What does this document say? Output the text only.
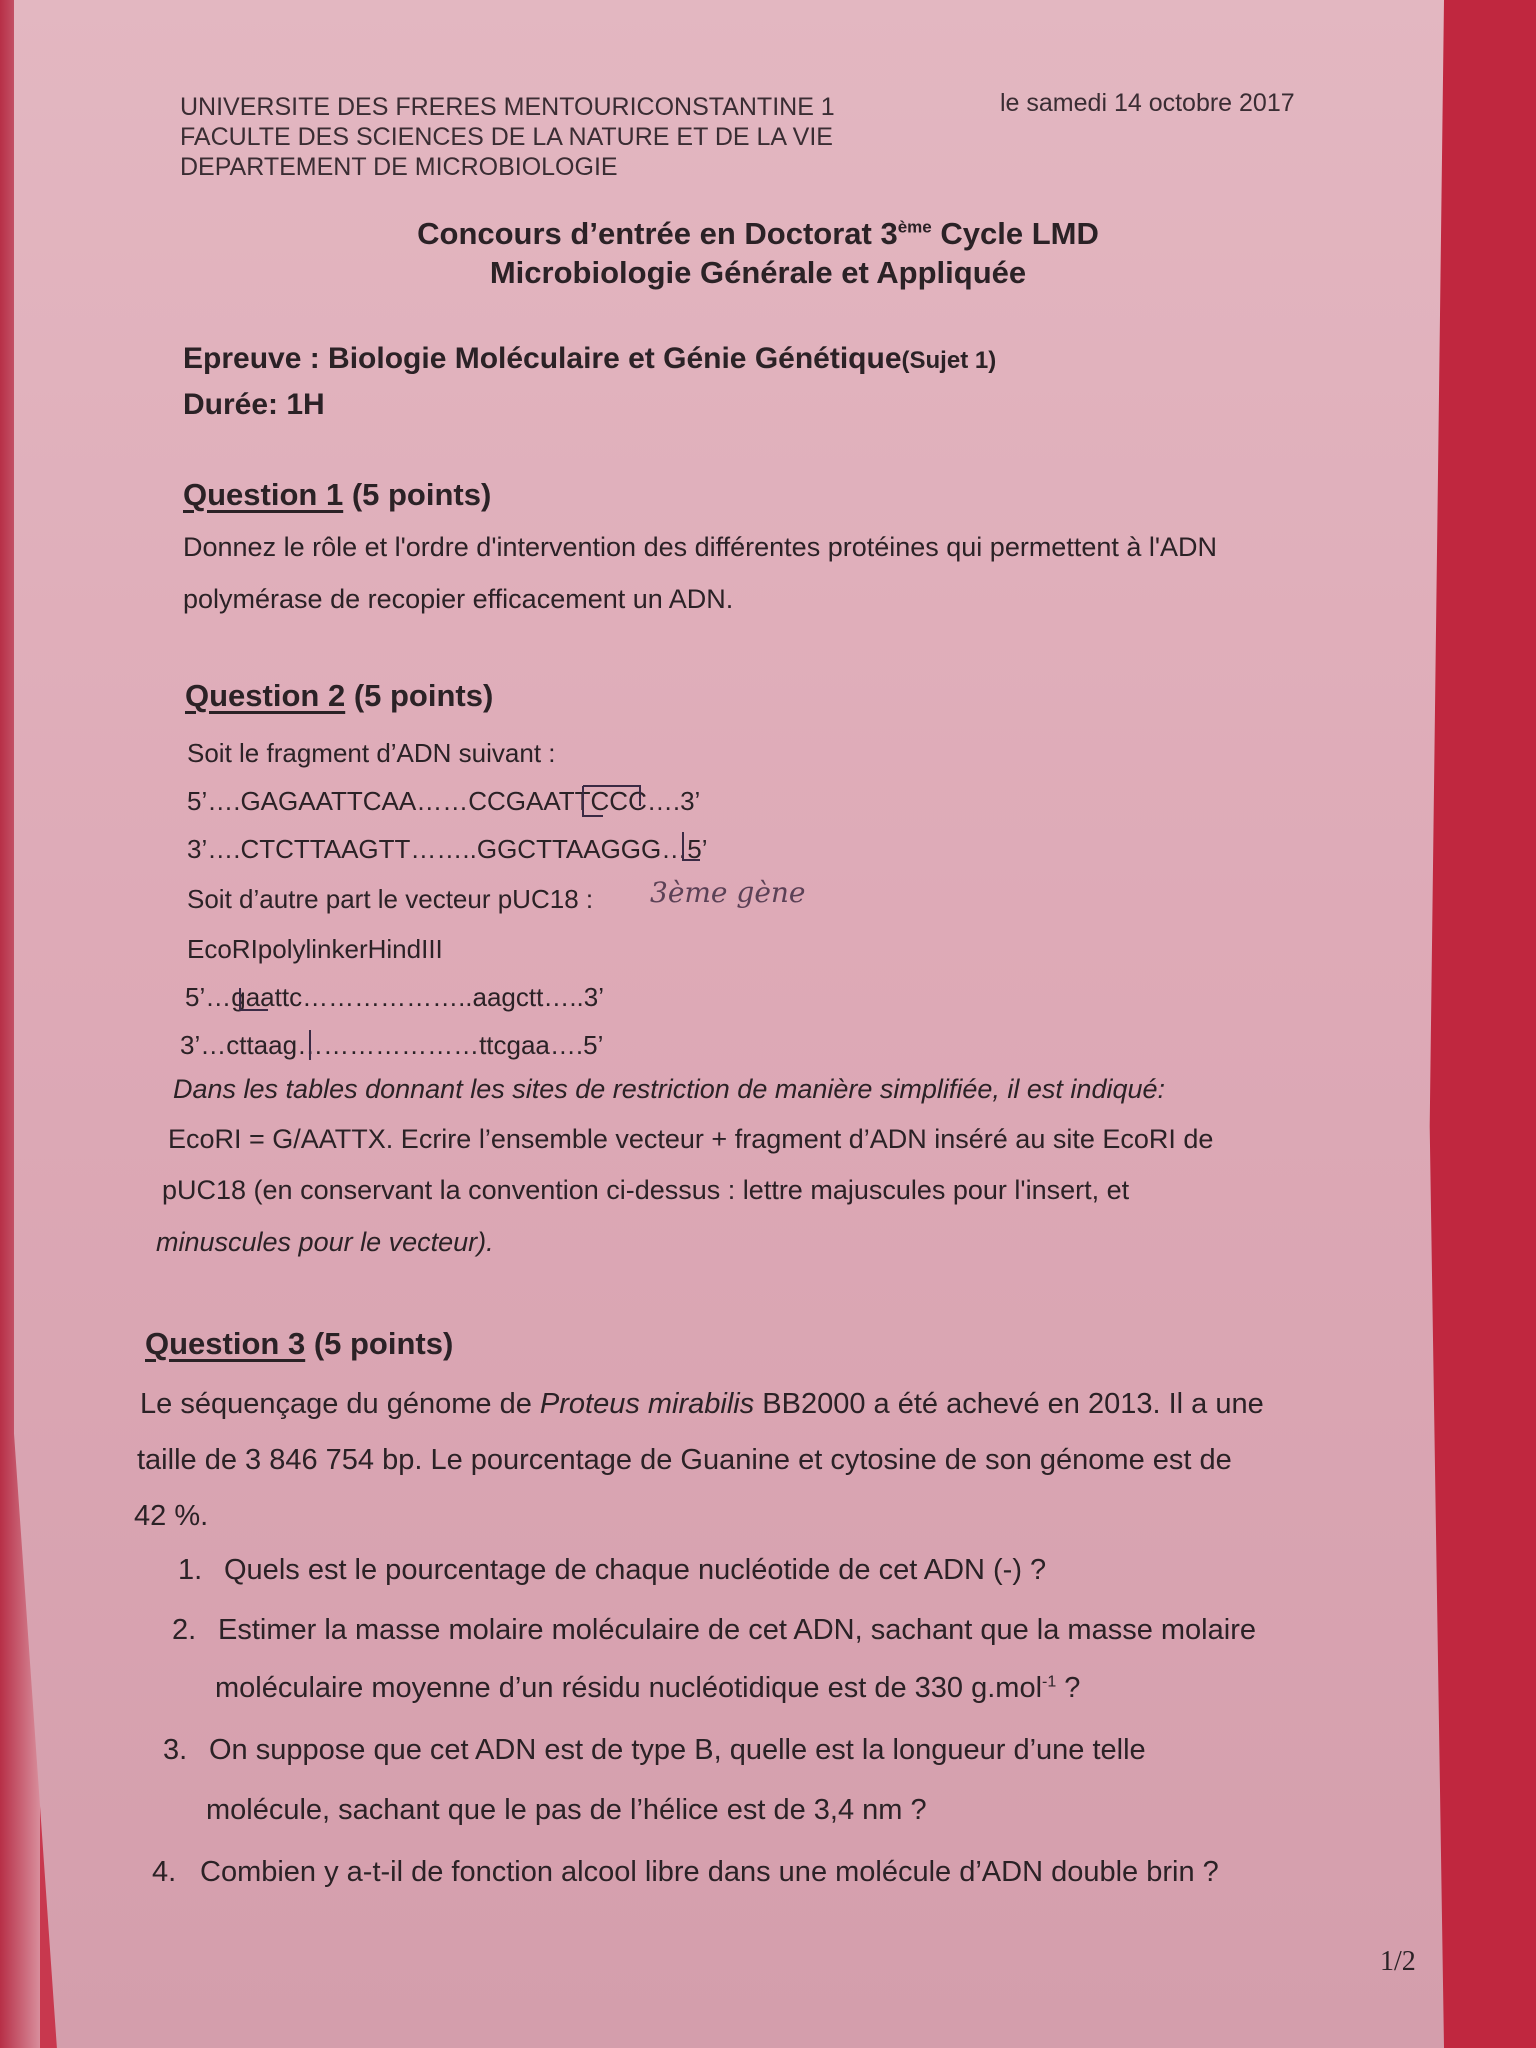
UNIVERSITE DES FRERES MENTOURICONSTANTINE 1
FACULTE DES SCIENCES DE LA NATURE ET DE LA VIE
DEPARTEMENT DE MICROBIOLOGIE
le samedi 14 octobre 2017
Concours d’entrée en Doctorat 3ème Cycle LMD
Microbiologie Générale et Appliquée
Epreuve : Biologie Moléculaire et Génie Génétique(Sujet 1)
Durée: 1H
Question 1 (5 points)
Donnez le rôle et l'ordre d'intervention des différentes protéines qui permettent à l'ADN
polymérase de recopier efficacement un ADN.
Question 2 (5 points)
Soit le fragment d’ADN suivant :
5’….GAGAATTCAA……CCGAATTCCC….3’
3’….CTCTTAAGTT……..GGCTTAAGGG…5’
Soit d’autre part le vecteur pUC18 : 3ème gène
EcoRIpolylinkerHindIII
5’…gaattc………………..aagctt…..3’
3’…cttaag…………………ttcgaa….5’
Dans les tables donnant les sites de restriction de manière simplifiée, il est indiqué:
EcoRI = G/AATTX. Ecrire l’ensemble vecteur + fragment d’ADN inséré au site EcoRI de
pUC18 (en conservant la convention ci-dessus : lettre majuscules pour l'insert, et
minuscules pour le vecteur).
Question 3 (5 points)
Le séquençage du génome de Proteus mirabilis BB2000 a été achevé en 2013. Il a une
taille de 3 846 754 bp. Le pourcentage de Guanine et cytosine de son génome est de
42 %.
1. Quels est le pourcentage de chaque nucléotide de cet ADN (-) ?
2. Estimer la masse molaire moléculaire de cet ADN, sachant que la masse molaire
moléculaire moyenne d’un résidu nucléotidique est de 330 g.mol$^{-1}$ ?
3. On suppose que cet ADN est de type B, quelle est la longueur d’une telle
molécule, sachant que le pas de l’hélice est de 3,4 nm ?
4. Combien y a-t-il de fonction alcool libre dans une molécule d’ADN double brin ?
1/2
